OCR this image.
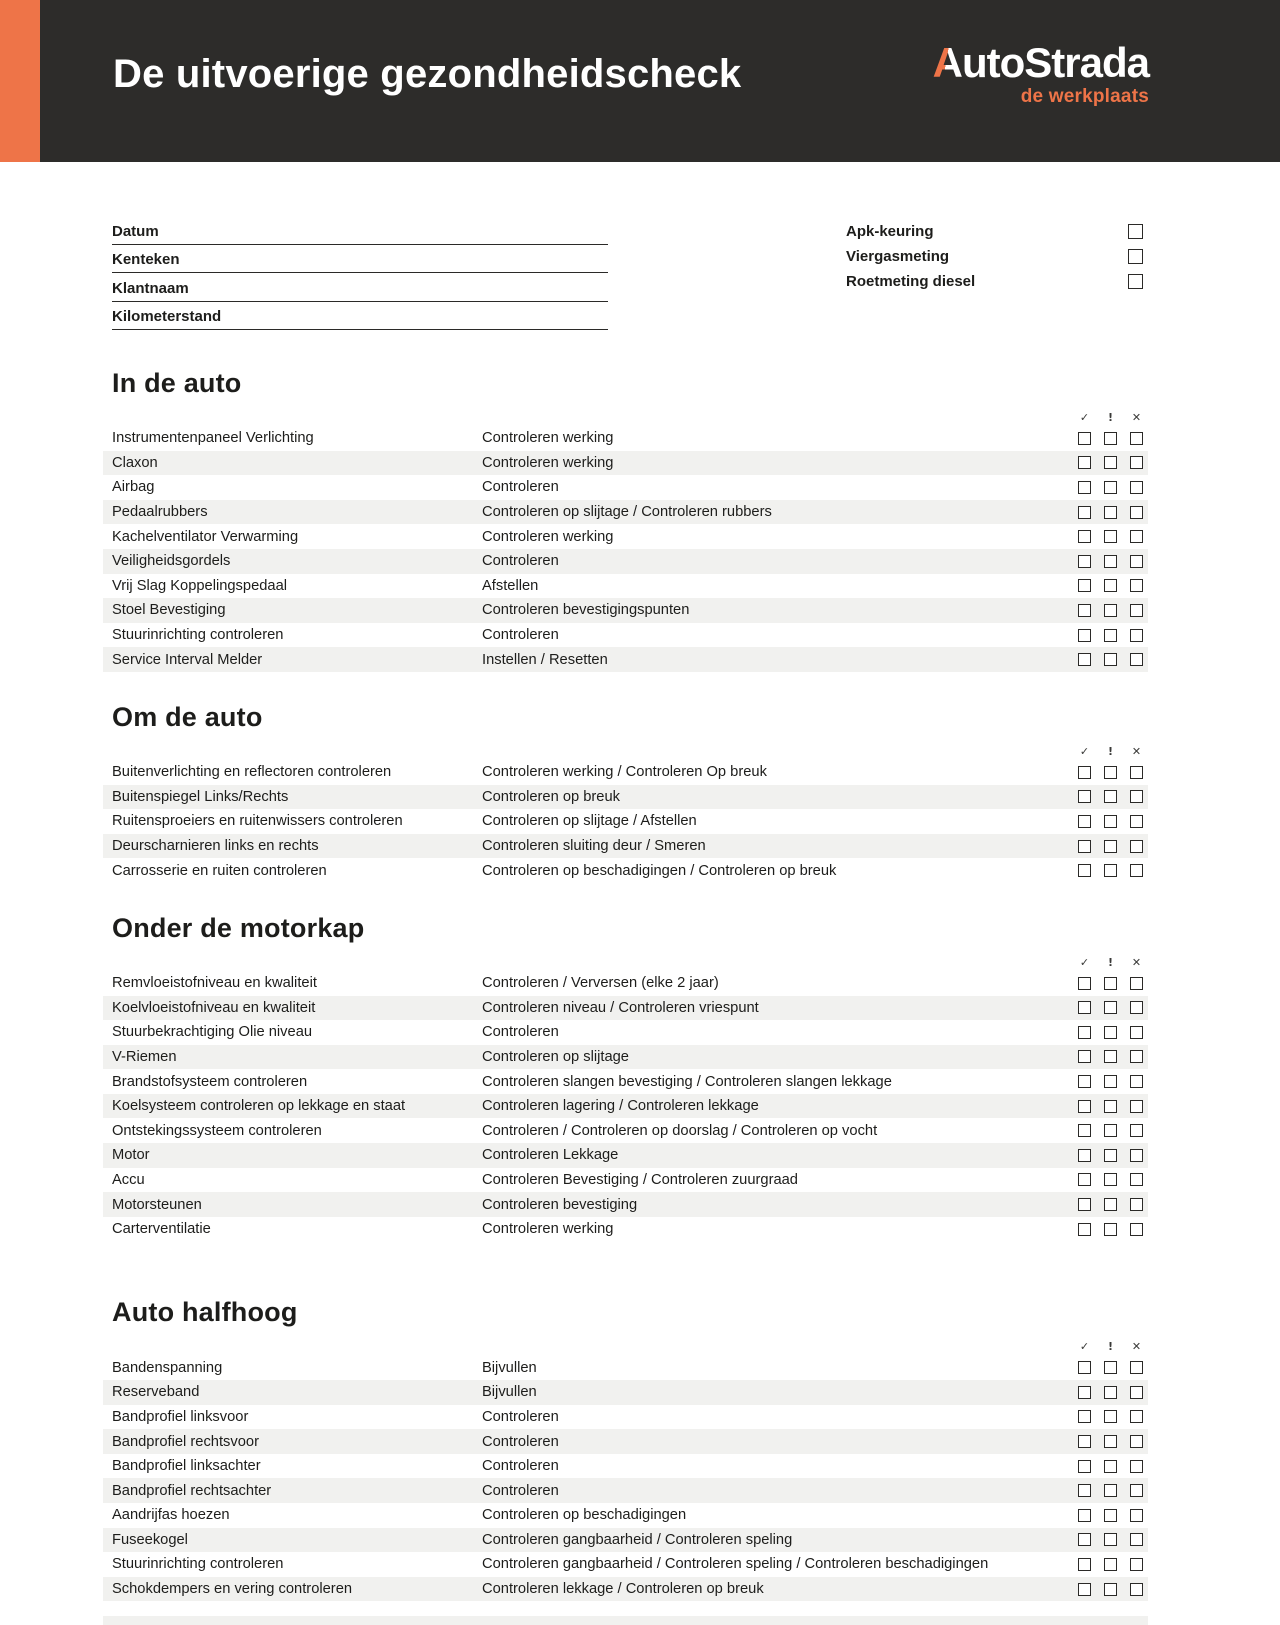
De uitvoerige gezondheidscheck	AutoStrada
de werkplaats
Datum
Kenteken
Klantnaam
Kilometerstand
Apk-keuring
Viergasmeting
Roetmeting diesel
In de auto
✓	!	✕
Instrumentenpaneel Verlichting	Controleren werking
Claxon	Controleren werking
Airbag	Controleren
Pedaalrubbers	Controleren op slijtage / Controleren rubbers
Kachelventilator Verwarming	Controleren werking
Veiligheidsgordels	Controleren
Vrij Slag Koppelingspedaal	Afstellen
Stoel Bevestiging	Controleren bevestigingspunten
Stuurinrichting controleren	Controleren
Service Interval Melder	Instellen / Resetten
Om de auto
✓	!	✕
Buitenverlichting en reflectoren controleren	Controleren werking / Controleren Op breuk
Buitenspiegel Links/Rechts	Controleren op breuk
Ruitensproeiers en ruitenwissers controleren	Controleren op slijtage / Afstellen
Deurscharnieren links en rechts	Controleren sluiting deur / Smeren
Carrosserie en ruiten controleren	Controleren op beschadigingen / Controleren op breuk
Onder de motorkap
✓	!	✕
Remvloeistofniveau en kwaliteit	Controleren / Verversen (elke 2 jaar)
Koelvloeistofniveau en kwaliteit	Controleren niveau / Controleren vriespunt
Stuurbekrachtiging Olie niveau	Controleren
V-Riemen	Controleren op slijtage
Brandstofsysteem controleren	Controleren slangen bevestiging / Controleren slangen lekkage
Koelsysteem controleren op lekkage en staat	Controleren lagering / Controleren lekkage
Ontstekingssysteem controleren	Controleren / Controleren op doorslag / Controleren op vocht
Motor	Controleren Lekkage
Accu	Controleren Bevestiging / Controleren zuurgraad
Motorsteunen	Controleren bevestiging
Carterventilatie	Controleren werking
Auto halfhoog
✓	!	✕
Bandenspanning	Bijvullen
Reserveband	Bijvullen
Bandprofiel linksvoor	Controleren
Bandprofiel rechtsvoor	Controleren
Bandprofiel linksachter	Controleren
Bandprofiel rechtsachter	Controleren
Aandrijfas hoezen	Controleren op beschadigingen
Fuseekogel	Controleren gangbaarheid / Controleren speling
Stuurinrichting controleren	Controleren gangbaarheid / Controleren speling / Controleren beschadigingen
Schokdempers en vering controleren	Controleren lekkage / Controleren op breuk
